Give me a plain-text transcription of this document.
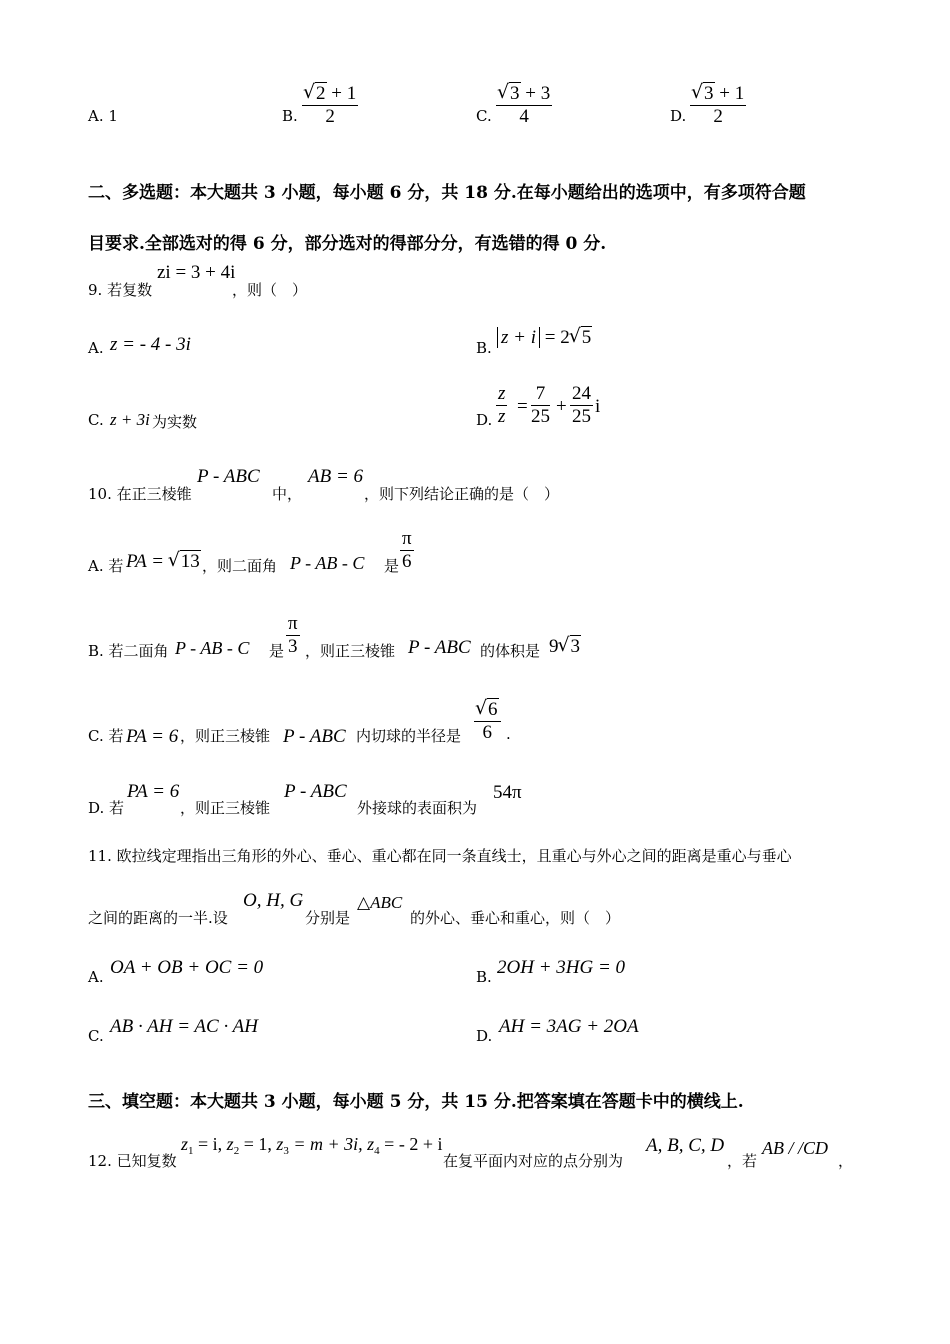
A. 1	B.
√ 2 + 1
2	C.
√ 3 + 3
4	D.
√ 3 + 1
2
二、多选题：本大题共 3 小题，每小题 6 分，共 18 分.在每小题给出的选项中，有多项符合题
目要求.全部选对的得 6 分，部分选对的得部分分，有选错的得 0 分.
9. 若复数
zi = 3 + 4i
，则（　）
A. z = - 4 - 3i	B. z + i = 2 √ 5
C. z + 3i 为实数	D. $\frac{z}{z}$ =
7
25 +
24
25 i
10. 在正三棱锥
P - ABC
中，
AB = 6
，则下列结论正确的是（　）
A. 若 PA = √ 13 ，则二面角 P - AB - C 是
π
6
B. 若二面角 P - AB - C 是
π
3 ，则正三棱锥 P - ABC 的体积是 9 √ 3
C. 若 PA = 6 ，则正三棱锥 P - ABC 内切球的半径是
√ 6
6 .
D. 若
PA = 6
，则正三棱锥
P - ABC
外接球的表面积为
54π
11. 欧拉线定理指出三角形的外心、垂心、重心都在同一条直线士，且重心与外心之间的距离是重心与垂心
之间的距离的一半.设
O, H, G
分别是
△ABC
的外心、垂心和重心，则（　）
A. OA + OB + OC = 0	B. 2OH + 3HG = 0
C. AB · AH = AC · AH	D. AH = 3AG + 2OA
三、填空题：本大题共 3 小题，每小题 5 分，共 15 分.把答案填在答题卡中的横线上.
12. 已知复数
$z_1 = i$, $z_2 = 1$, $z_3 = m + 3i$, $z_4$ = - 2 + i
在复平面内对应的点分别为
A, B, C, D
，若
AB / /CD
，
